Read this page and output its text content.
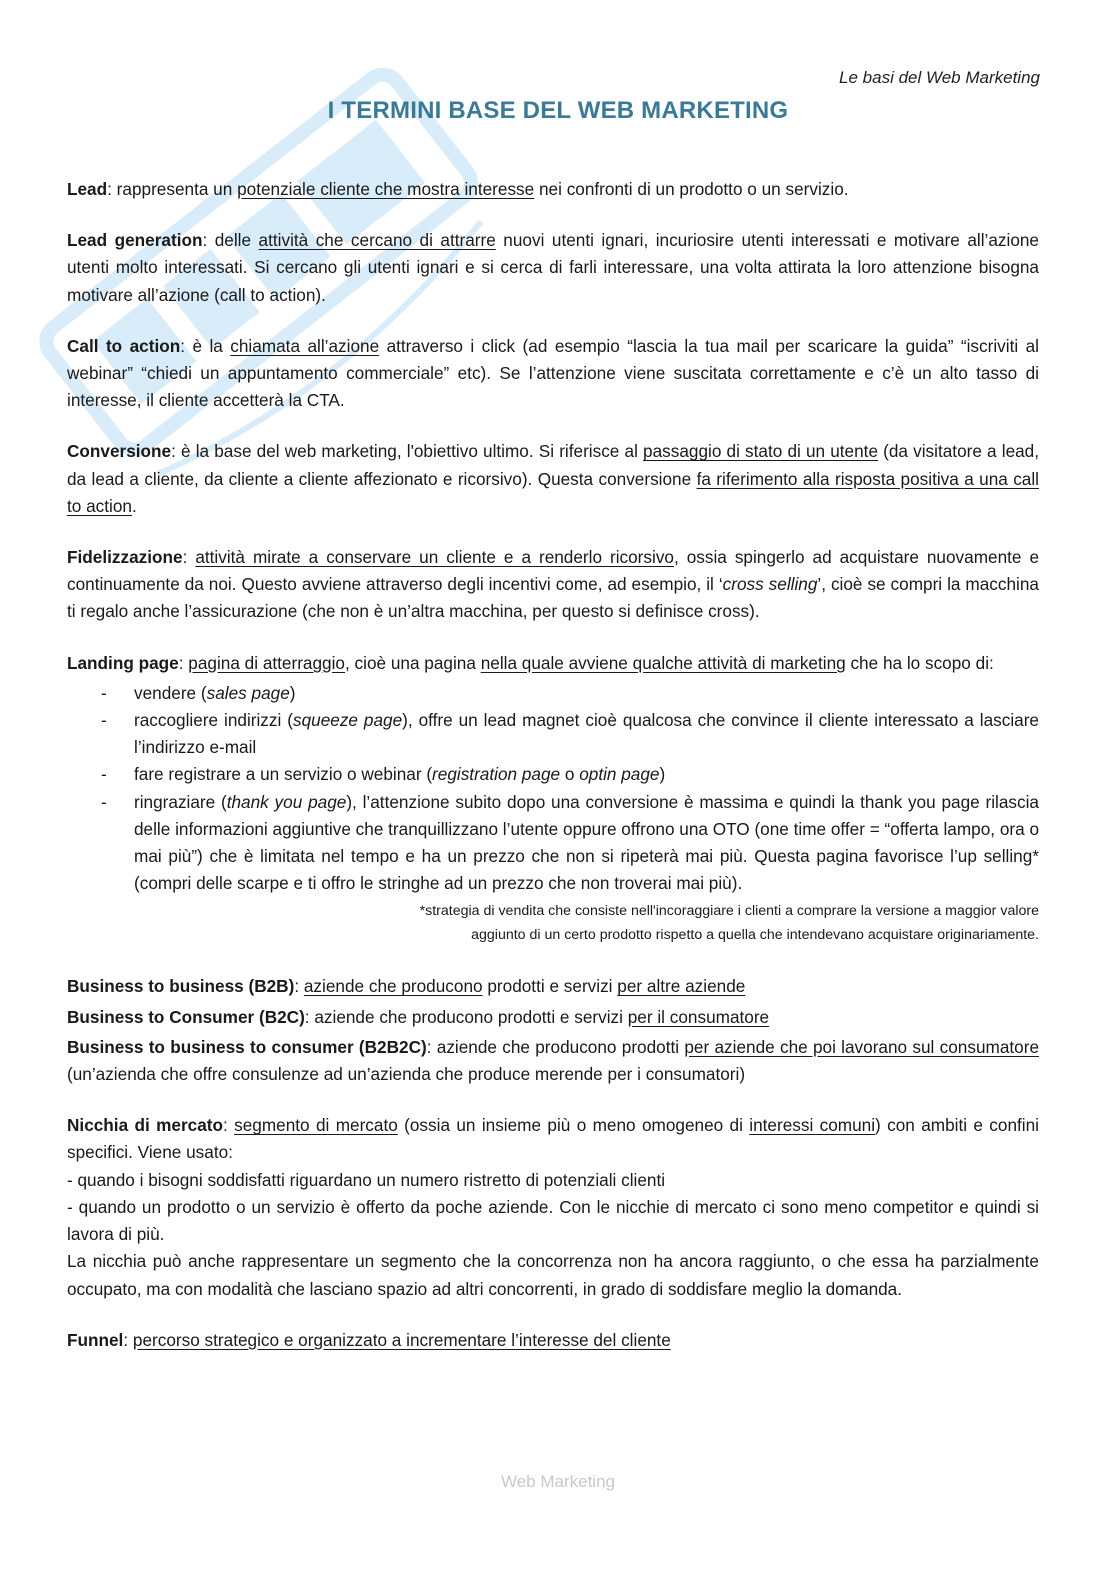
Le basi del Web Marketing
I TERMINI BASE DEL WEB MARKETING

Lead: rappresenta un potenziale cliente che mostra interesse nei confronti di un prodotto o un servizio.

Lead generation: delle attività che cercano di attrarre nuovi utenti ignari, incuriosire utenti interessati e motivare all’azione utenti molto interessati. Si cercano gli utenti ignari e si cerca di farli interessare, una volta attirata la loro attenzione bisogna motivare all’azione (call to action).

Call to action: è la chiamata all’azione attraverso i click (ad esempio “lascia la tua mail per scaricare la guida” “iscriviti al webinar” “chiedi un appuntamento commerciale” etc). Se l’attenzione viene suscitata correttamente e c’è un alto tasso di interesse, il cliente accetterà la CTA.

Conversione: è la base del web marketing, l'obiettivo ultimo. Si riferisce al passaggio di stato di un utente (da visitatore a lead, da lead a cliente, da cliente a cliente affezionato e ricorsivo). Questa conversione fa riferimento alla risposta positiva a una call to action.

Fidelizzazione: attività mirate a conservare un cliente e a renderlo ricorsivo, ossia spingerlo ad acquistare nuovamente e continuamente da noi. Questo avviene attraverso degli incentivi come, ad esempio, il ‘cross selling’, cioè se compri la macchina ti regalo anche l’assicurazione (che non è un’altra macchina, per questo si definisce cross).

Landing page: pagina di atterraggio, cioè una pagina nella quale avviene qualche attività di marketing che ha lo scopo di:

- vendere (sales page)
- raccogliere indirizzi (squeeze page), offre un lead magnet cioè qualcosa che convince il cliente interessato a lasciare l’indirizzo e-mail
- fare registrare a un servizio o webinar (registration page o optin page)
- ringraziare (thank you page), l’attenzione subito dopo una conversione è massima e quindi la thank you page rilascia delle informazioni aggiuntive che tranquillizzano l’utente oppure offrono una OTO (one time offer = “offerta lampo, ora o mai più”) che è limitata nel tempo e ha un prezzo che non si ripeterà mai più. Questa pagina favorisce l’up selling* (compri delle scarpe e ti offro le stringhe ad un prezzo che non troverai mai più).
*strategia di vendita che consiste nell'incoraggiare i clienti a comprare la versione a maggior valore
aggiunto di un certo prodotto rispetto a quella che intendevano acquistare originariamente.

Business to business (B2B): aziende che producono prodotti e servizi per altre aziende

Business to Consumer (B2C): aziende che producono prodotti e servizi per il consumatore

Business to business to consumer (B2B2C): aziende che producono prodotti per aziende che poi lavorano sul consumatore (un’azienda che offre consulenze ad un’azienda che produce merende per i consumatori)

Nicchia di mercato: segmento di mercato (ossia un insieme più o meno omogeneo di interessi comuni) con ambiti e confini specifici. Viene usato:

- quando i bisogni soddisfatti riguardano un numero ristretto di potenziali clienti

- quando un prodotto o un servizio è offerto da poche aziende. Con le nicchie di mercato ci sono meno competitor e quindi si lavora di più.

La nicchia può anche rappresentare un segmento che la concorrenza non ha ancora raggiunto, o che essa ha parzialmente occupato, ma con modalità che lasciano spazio ad altri concorrenti, in grado di soddisfare meglio la domanda.

Funnel: percorso strategico e organizzato a incrementare l’interesse del cliente

Web Marketing
